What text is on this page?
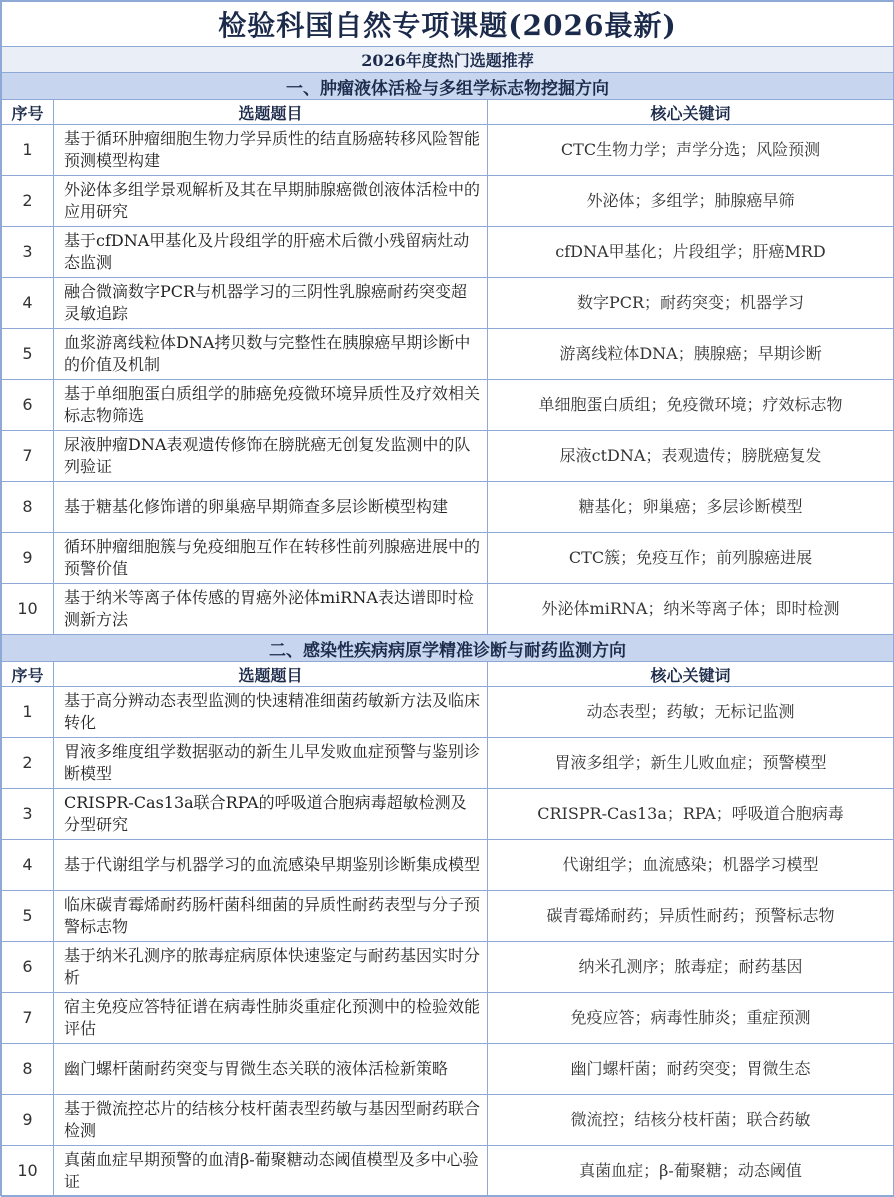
检验科国自然专项课题(2026最新)		
2026年度热门选题推荐		
一、肿瘤液体活检与多组学标志物挖掘方向		
序号	选题题目	核心关键词
1	基于循环肿瘤细胞生物力学异质性的结直肠癌转移风险智能预测模型构建	CTC生物力学；声学分选；风险预测
2	外泌体多组学景观解析及其在早期肺腺癌微创液体活检中的应用研究	外泌体；多组学；肺腺癌早筛
3	基于cfDNA甲基化及片段组学的肝癌术后微小残留病灶动态监测	cfDNA甲基化；片段组学；肝癌MRD
4	融合微滴数字PCR与机器学习的三阴性乳腺癌耐药突变超灵敏追踪	数字PCR；耐药突变；机器学习
5	血浆游离线粒体DNA拷贝数与完整性在胰腺癌早期诊断中的价值及机制	游离线粒体DNA；胰腺癌；早期诊断
6	基于单细胞蛋白质组学的肺癌免疫微环境异质性及疗效相关标志物筛选	单细胞蛋白质组；免疫微环境；疗效标志物
7	尿液肿瘤DNA表观遗传修饰在膀胱癌无创复发监测中的队列验证	尿液ctDNA；表观遗传；膀胱癌复发
8	基于糖基化修饰谱的卵巢癌早期筛查多层诊断模型构建	糖基化；卵巢癌；多层诊断模型
9	循环肿瘤细胞簇与免疫细胞互作在转移性前列腺癌进展中的预警价值	CTC簇；免疫互作；前列腺癌进展
10	基于纳米等离子体传感的胃癌外泌体miRNA表达谱即时检测新方法	外泌体miRNA；纳米等离子体；即时检测
二、感染性疾病病原学精准诊断与耐药监测方向		
序号	选题题目	核心关键词
1	基于高分辨动态表型监测的快速精准细菌药敏新方法及临床转化	动态表型；药敏；无标记监测
2	胃液多维度组学数据驱动的新生儿早发败血症预警与鉴别诊断模型	胃液多组学；新生儿败血症；预警模型
3	CRISPR-Cas13a联合RPA的呼吸道合胞病毒超敏检测及分型研究	CRISPR-Cas13a；RPA；呼吸道合胞病毒
4	基于代谢组学与机器学习的血流感染早期鉴别诊断集成模型	代谢组学；血流感染；机器学习模型
5	临床碳青霉烯耐药肠杆菌科细菌的异质性耐药表型与分子预警标志物	碳青霉烯耐药；异质性耐药；预警标志物
6	基于纳米孔测序的脓毒症病原体快速鉴定与耐药基因实时分析	纳米孔测序；脓毒症；耐药基因
7	宿主免疫应答特征谱在病毒性肺炎重症化预测中的检验效能评估	免疫应答；病毒性肺炎；重症预测
8	幽门螺杆菌耐药突变与胃微生态关联的液体活检新策略	幽门螺杆菌；耐药突变；胃微生态
9	基于微流控芯片的结核分枝杆菌表型药敏与基因型耐药联合检测	微流控；结核分枝杆菌；联合药敏
10	真菌血症早期预警的血清β-葡聚糖动态阈值模型及多中心验证	真菌血症；β-葡聚糖；动态阈值
